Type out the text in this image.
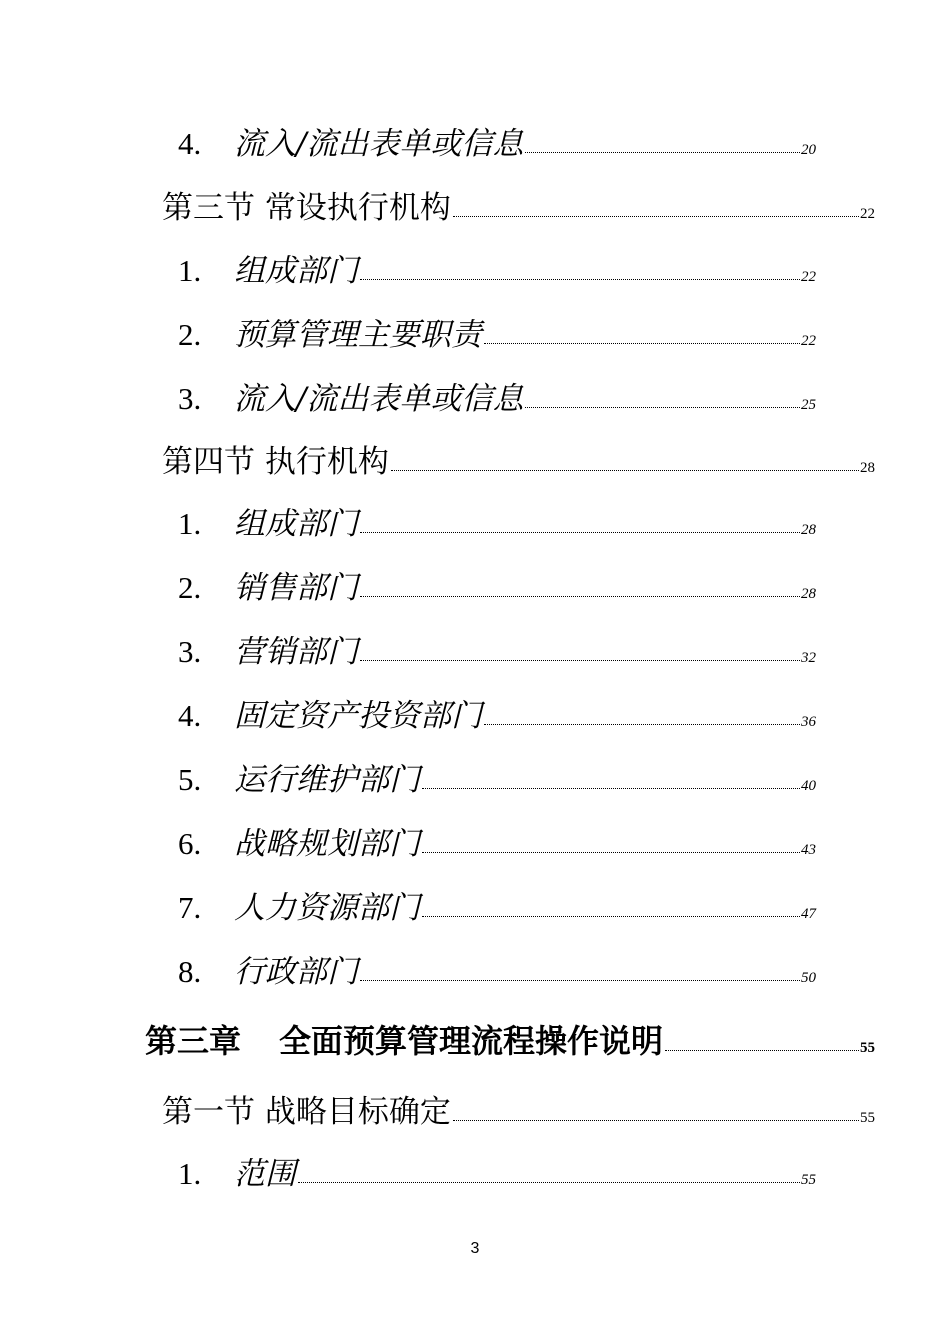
4.	流入/流出表单或信息	20
第三节 常设执行机构	22
1.	组成部门	22
2.	预算管理主要职责	22
3.	流入/流出表单或信息	25
第四节 执行机构	28
1.	组成部门	28
2.	销售部门	28
3.	营销部门	32
4.	固定资产投资部门	36
5.	运行维护部门	40
6.	战略规划部门	43
7.	人力资源部门	47
8.	行政部门	50
第三章 全面预算管理流程操作说明	55
第一节 战略目标确定	55
1.	范围	55
3
